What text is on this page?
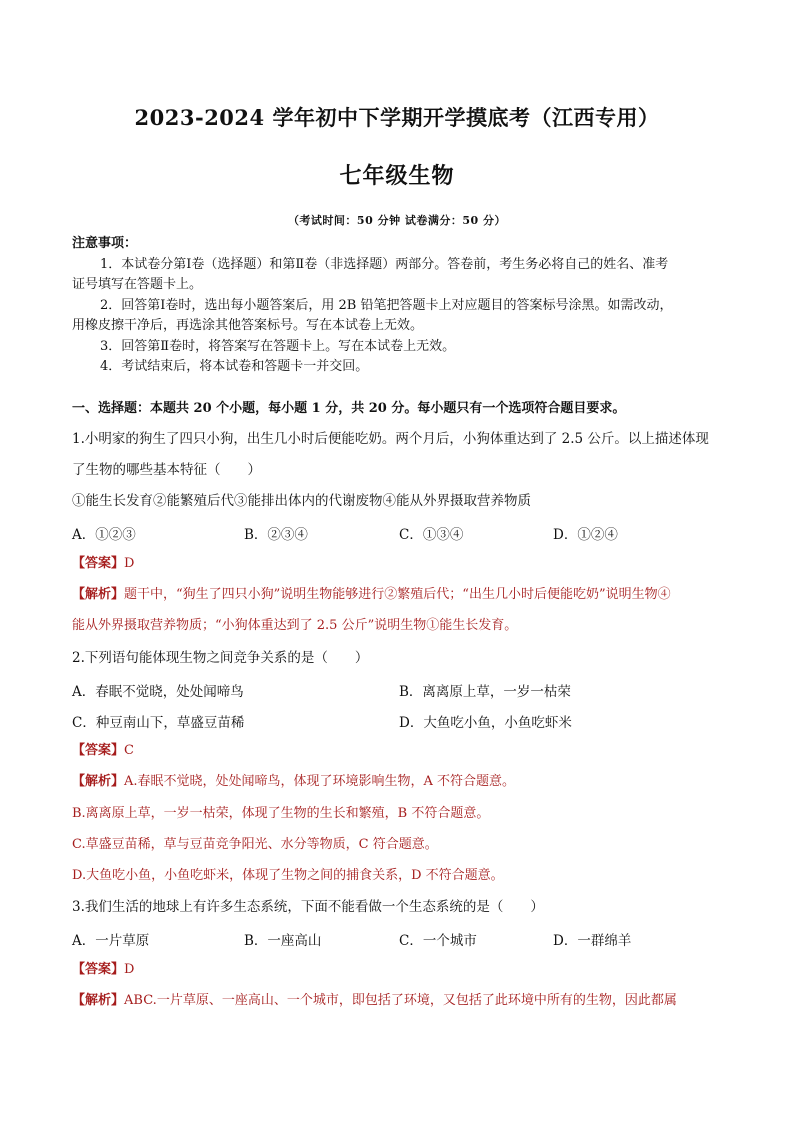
2023-2024 学年初中下学期开学摸底考（江西专用）
七年级生物
（考试时间：50 分钟 试卷满分：50 分）
注意事项：
1．本试卷分第Ⅰ卷（选择题）和第Ⅱ卷（非选择题）两部分。答卷前，考生务必将自己的姓名、准考
证号填写在答题卡上。
2．回答第Ⅰ卷时，选出每小题答案后，用 2B 铅笔把答题卡上对应题目的答案标号涂黑。如需改动，
用橡皮擦干净后，再选涂其他答案标号。写在本试卷上无效。
3．回答第Ⅱ卷时，将答案写在答题卡上。写在本试卷上无效。
4．考试结束后，将本试卷和答题卡一并交回。
一、选择题：本题共 20 个小题，每小题 1 分，共 20 分。每小题只有一个选项符合题目要求。
1.小明家的狗生了四只小狗，出生几小时后便能吃奶。两个月后，小狗体重达到了 2.5 公斤。以上描述体现
了生物的哪些基本特征（　　）
①能生长发育②能繁殖后代③能排出体内的代谢废物④能从外界摄取营养物质
A．①②③	B．②③④	C．①③④	D．①②④
【答案】D
【解析】题干中，“狗生了四只小狗”说明生物能够进行②繁殖后代；“出生几小时后便能吃奶”说明生物④
能从外界摄取营养物质；“小狗体重达到了 2.5 公斤”说明生物①能生长发育。
2.下列语句能体现生物之间竞争关系的是（　　）
A．春眠不觉晓，处处闻啼鸟	B．离离原上草，一岁一枯荣
C．种豆南山下，草盛豆苗稀	D．大鱼吃小鱼，小鱼吃虾米
【答案】C
【解析】A.春眠不觉晓，处处闻啼鸟，体现了环境影响生物，A 不符合题意。
B.离离原上草，一岁一枯荣，体现了生物的生长和繁殖，B 不符合题意。
C.草盛豆苗稀，草与豆苗竞争阳光、水分等物质，C 符合题意。
D.大鱼吃小鱼，小鱼吃虾米，体现了生物之间的捕食关系，D 不符合题意。
3.我们生活的地球上有许多生态系统，下面不能看做一个生态系统的是（　　）
A．一片草原	B．一座高山	C．一个城市	D．一群绵羊
【答案】D
【解析】ABC.一片草原、一座高山、一个城市，即包括了环境，又包括了此环境中所有的生物，因此都属
